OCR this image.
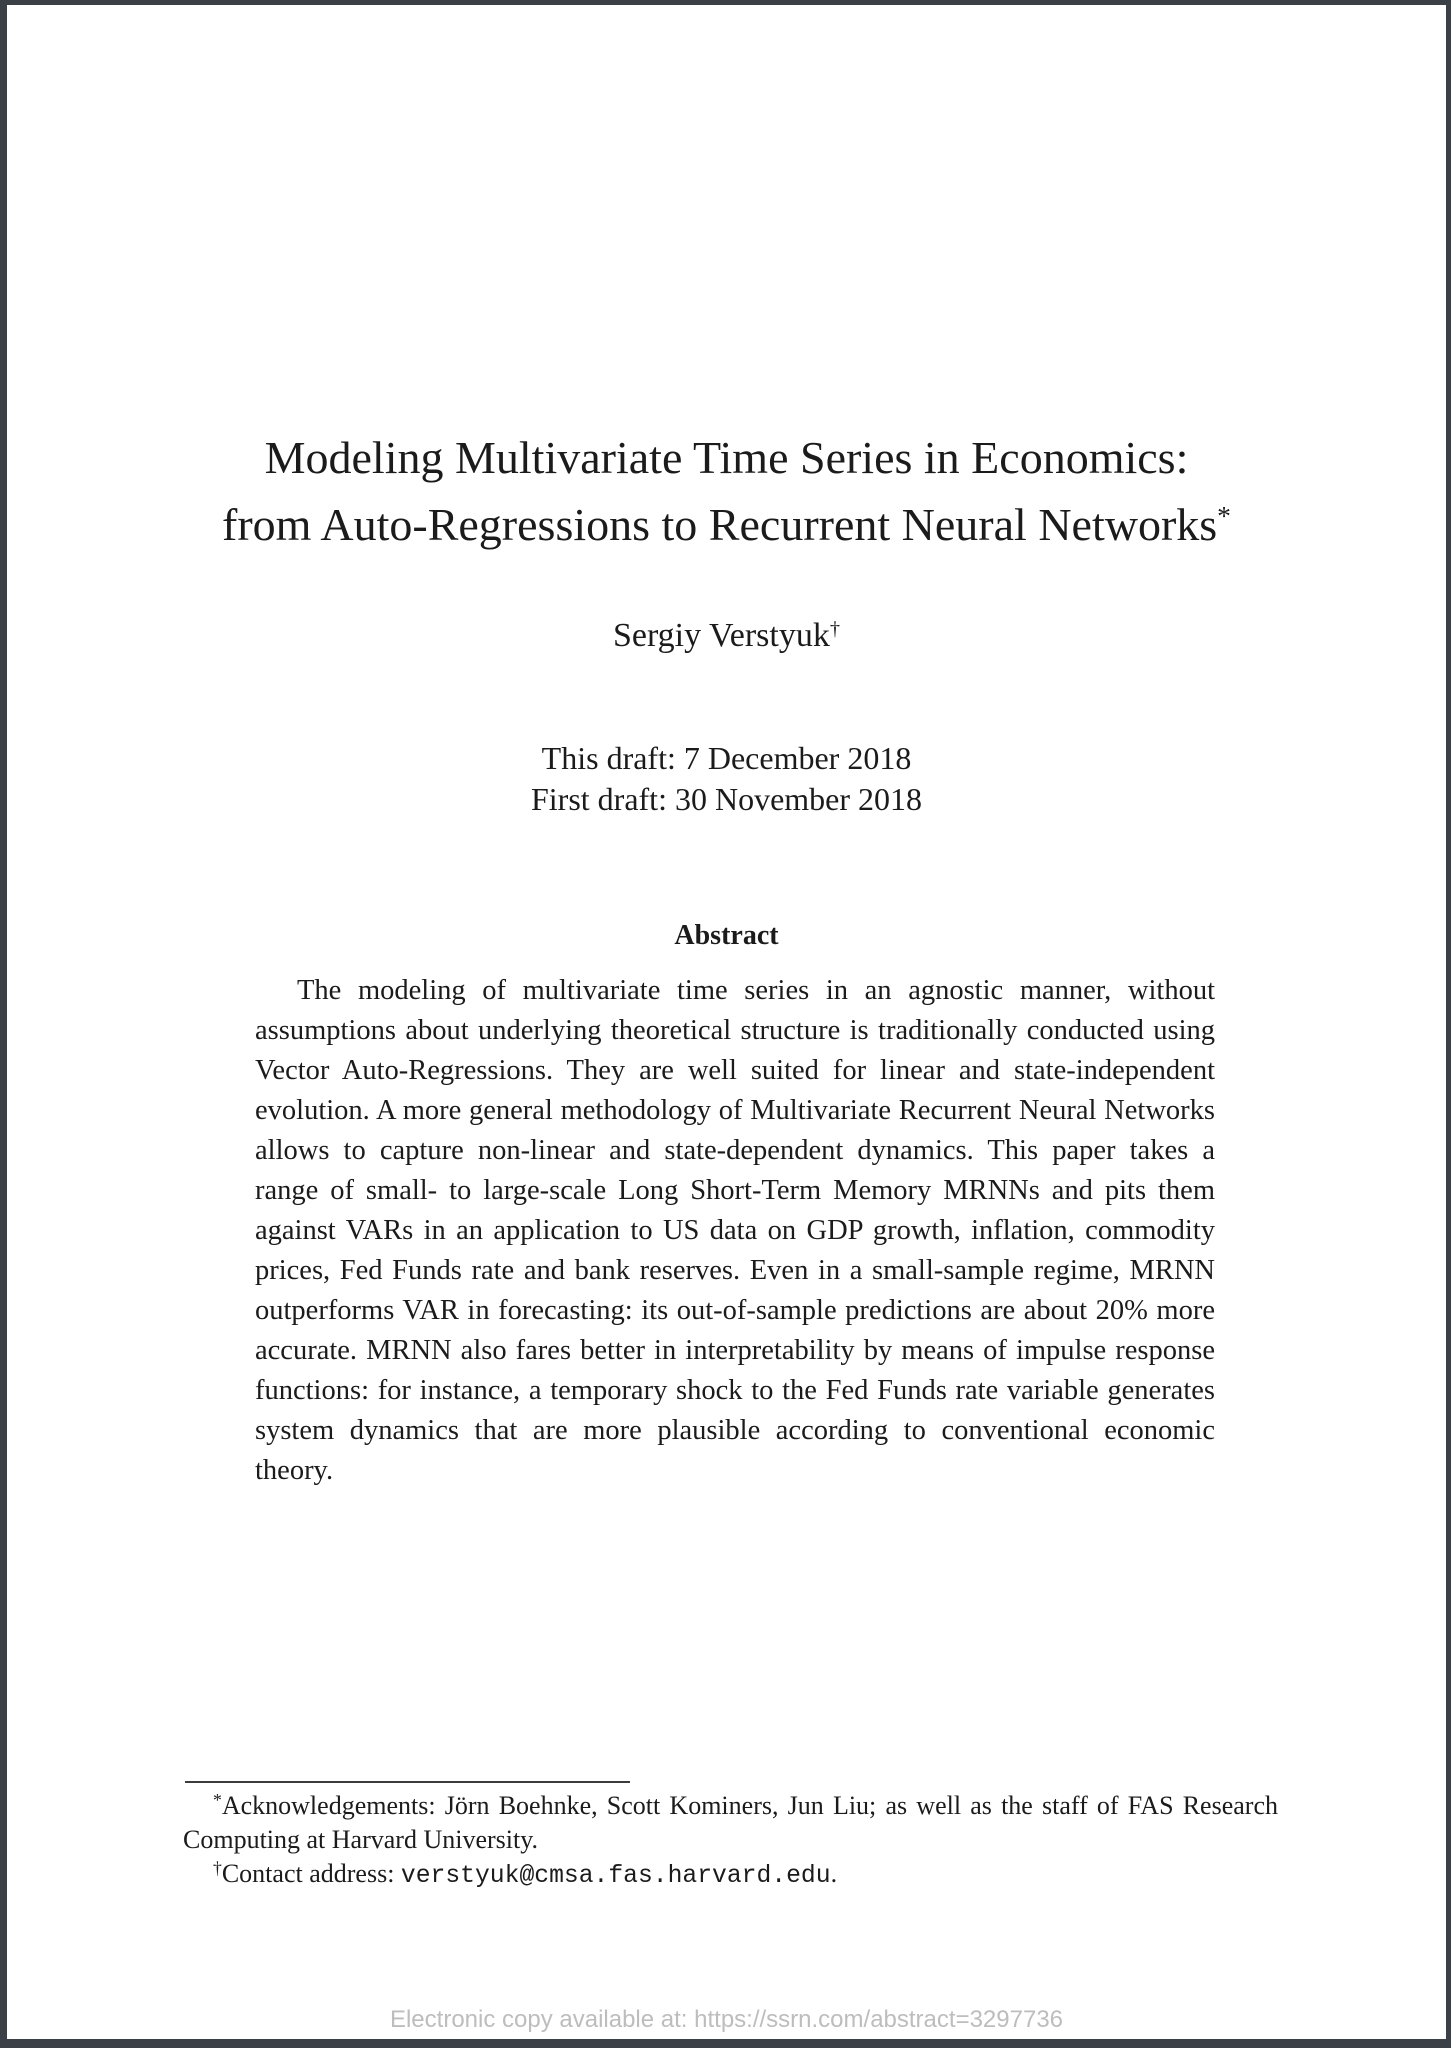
Modeling Multivariate Time Series in Economics:
from Auto-Regressions to Recurrent Neural Networks*
Sergiy Verstyuk†
This draft: 7 December 2018
First draft: 30 November 2018
Abstract

The modeling of multivariate time series in an agnostic manner, without assumptions about underlying theoretical structure is traditionally conducted using Vector Auto-Regressions. They are well suited for linear and state-independent evolution. A more general methodology of Multivariate Recurrent Neural Networks allows to capture non-linear and state-dependent dynamics. This paper takes a range of small- to large-scale Long Short-Term Memory MRNNs and pits them against VARs in an application to US data on GDP growth, inflation, commodity prices, Fed Funds rate and bank reserves. Even in a small-sample regime, MRNN outperforms VAR in forecasting: its out-of-sample predictions are about 20% more accurate. MRNN also fares better in interpretability by means of impulse response functions: for instance, a temporary shock to the Fed Funds rate variable generates system dynamics that are more plausible according to conventional economic theory.

*Acknowledgements: Jörn Boehnke, Scott Kominers, Jun Liu; as well as the staff of FAS Research Computing at Harvard University.

†Contact address: verstyuk@cmsa.fas.harvard.edu.

Electronic copy available at: https://ssrn.com/abstract=3297736
